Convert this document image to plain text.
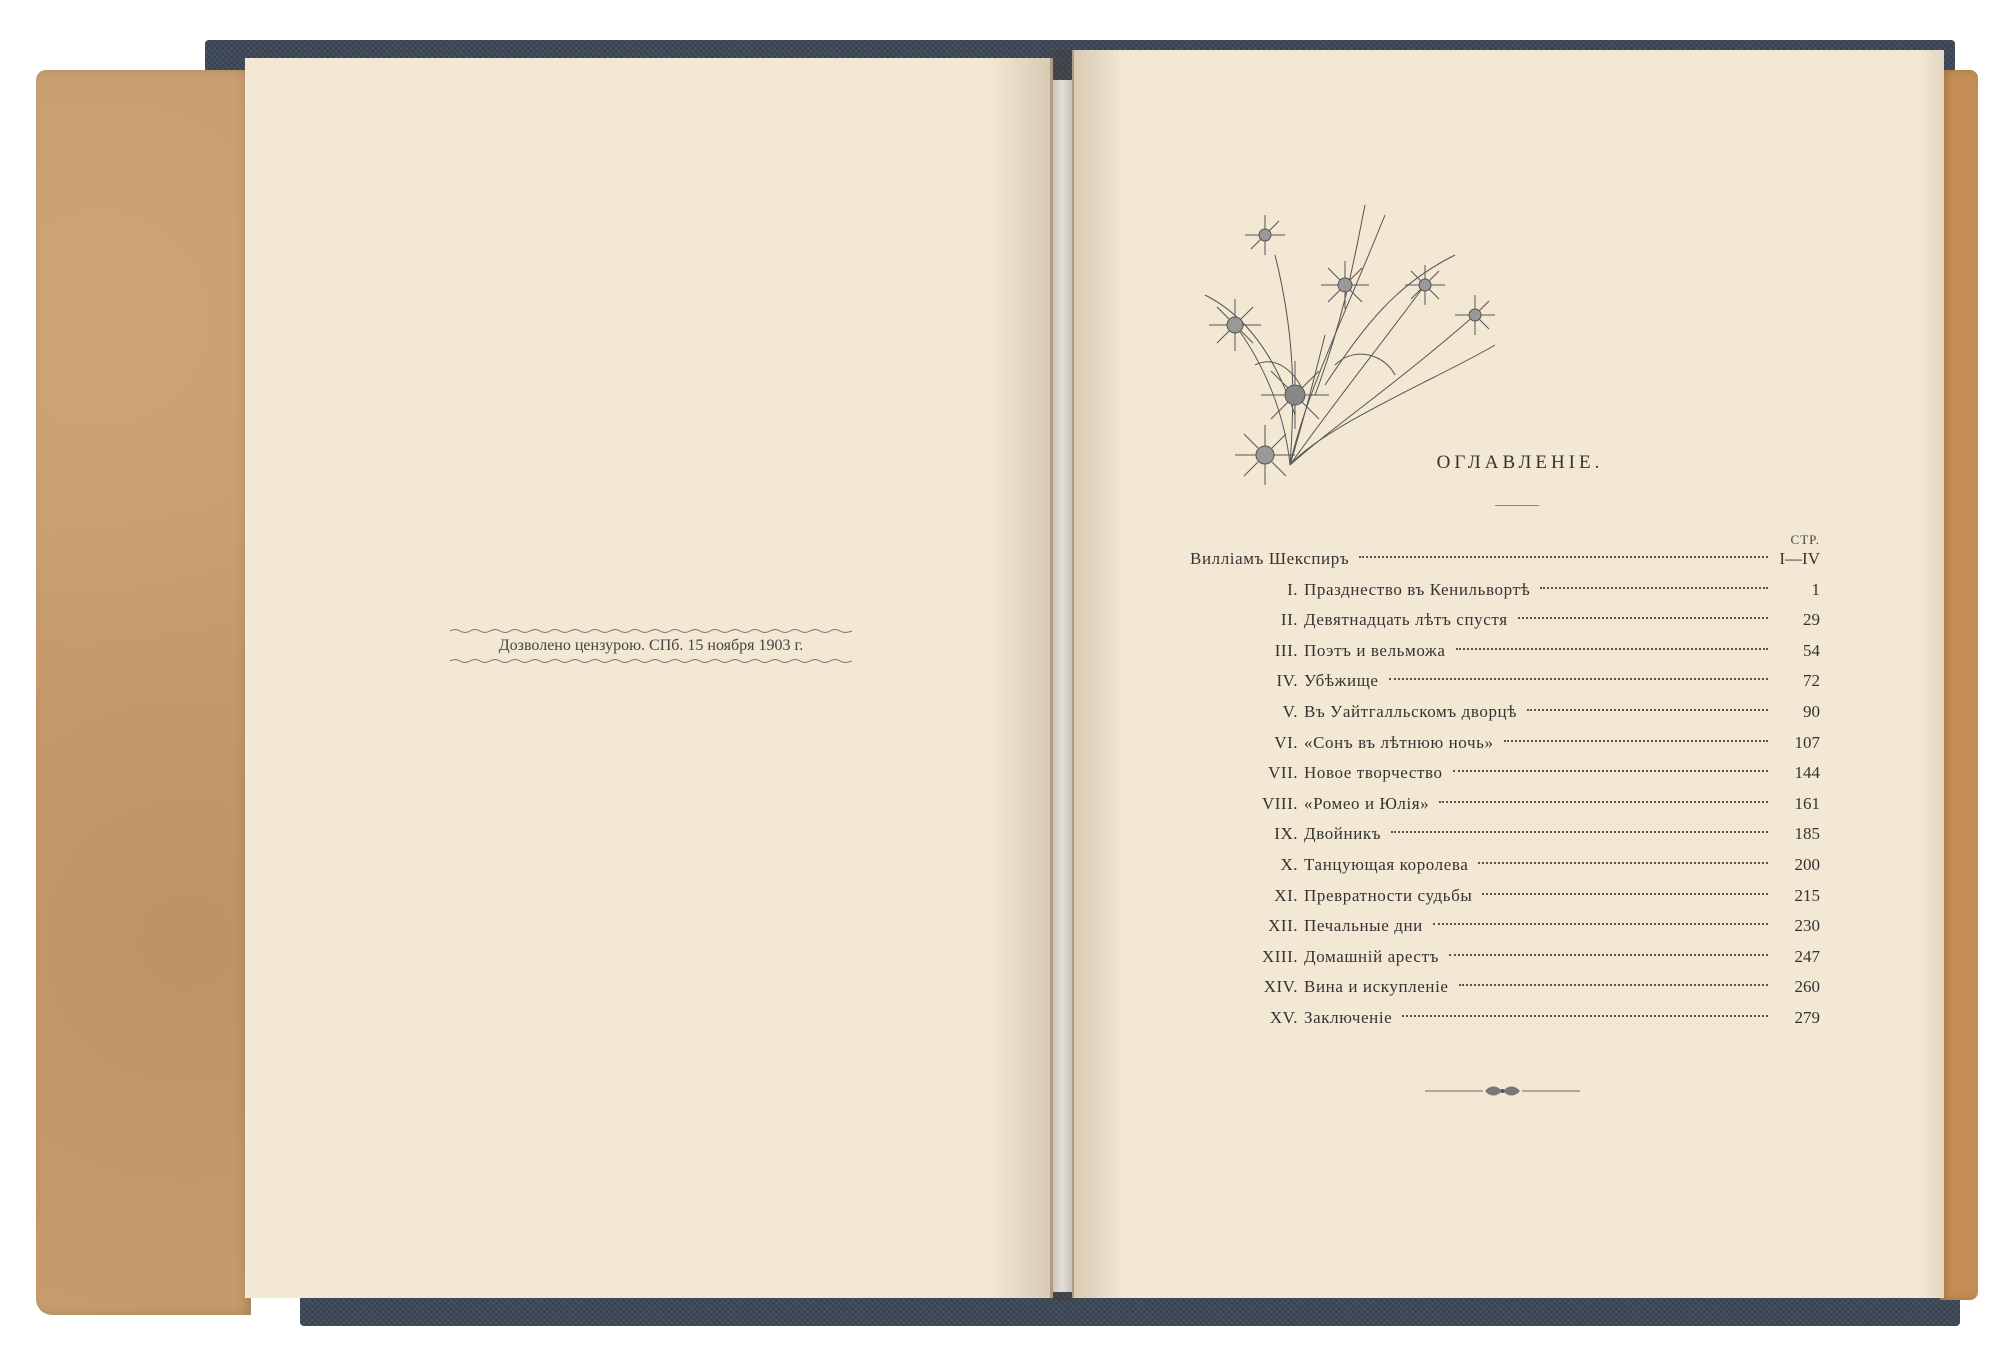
Дозволено цензурою. СПб. 15 ноября 1903 г.
ОГЛАВЛЕНІЕ.
СТР.
Вилліамъ Шекспиръ	I—IV
I. Празднество въ Кенильвортѣ	1
II. Девятнадцать лѣтъ спустя	29
III. Поэтъ и вельможа	54
IV. Убѣжище	72
V. Въ Уайтгалльскомъ дворцѣ	90
VI. «Сонъ въ лѣтнюю ночь»	107
VII. Новое творчество	144
VIII. «Ромео и Юлія»	161
IX. Двойникъ	185
X. Танцующая королева	200
XI. Превратности судьбы	215
XII. Печальные дни	230
XIII. Домашній арестъ	247
XIV. Вина и искупленіе	260
XV. Заключеніе	279
